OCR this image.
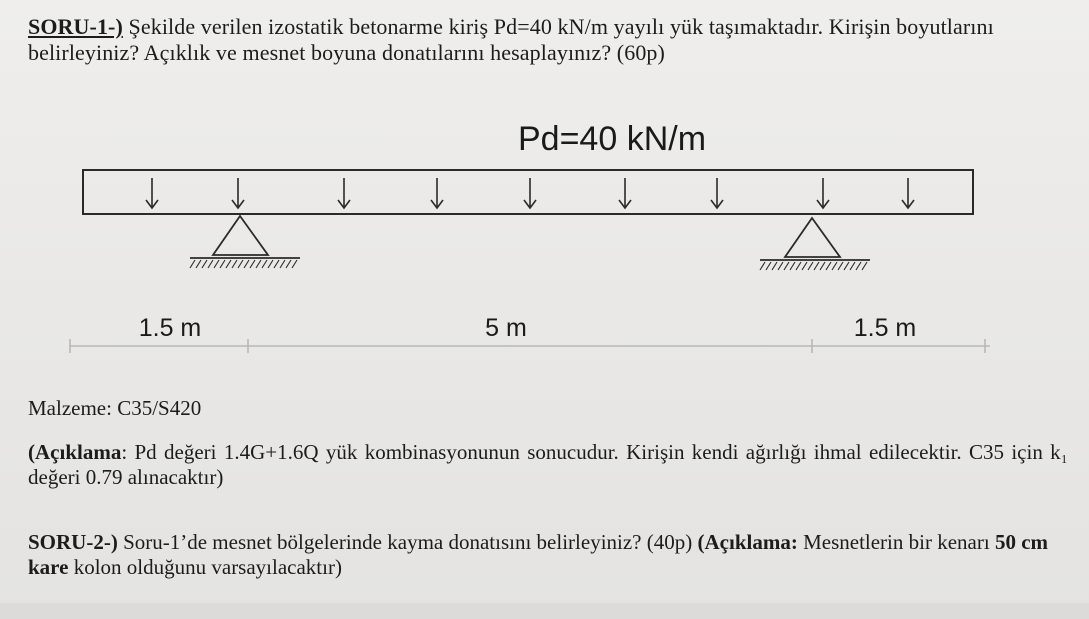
SORU-1-) Şekilde verilen izostatik betonarme kiriş Pd=40 kN/m yayılı yük taşımaktadır. Kirişin boyutlarını belirleyiniz? Açıklık ve mesnet boyuna donatılarını hesaplayınız? (60p)
Pd=40 kN/m
1.5 m	5 m	1.5 m
Malzeme: C35/S420
(Açıklama: Pd değeri 1.4G+1.6Q yük kombinasyonunun sonucudur. Kirişin kendi ağırlığı ihmal edilecektir. C35 için k₁ değeri 0.79 alınacaktır)
SORU-2-) Soru-1’de mesnet bölgelerinde kayma donatısını belirleyiniz? (40p) (Açıklama: Mesnetlerin bir kenarı 50 cm kare kolon olduğunu varsayılacaktır)
